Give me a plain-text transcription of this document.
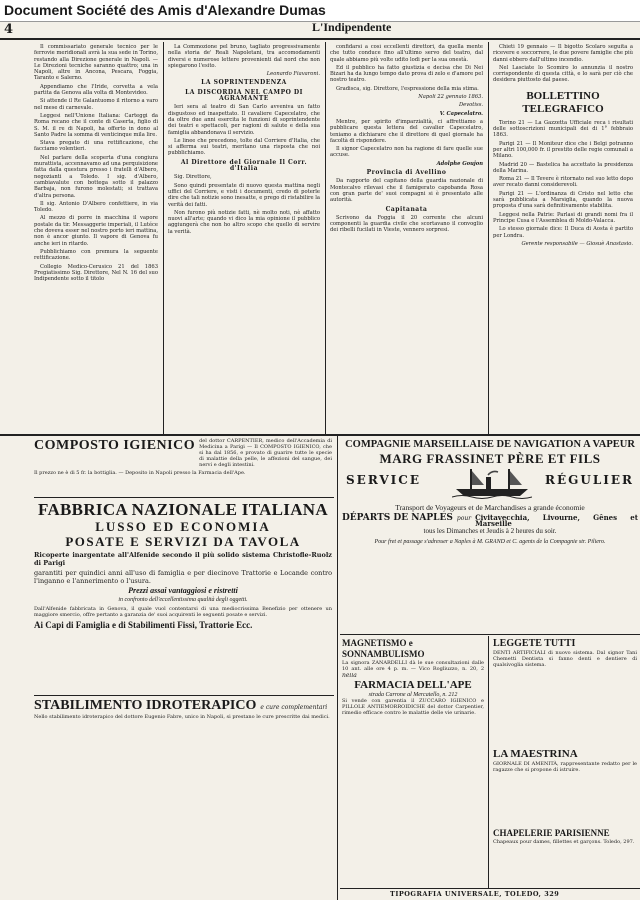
Document Société des Amis d'Alexandre Dumas
4	L'Indipendente

Il commissariato generale tecnico per le ferrovie meridionali avrà la sua sede in Torino, restando alla Direzione generale in Napoli. — Le Direzioni tecniche saranno quattro; una in Napoli, altre in Ancona, Pescara, Foggia, Taranto e Salerno.

Appendiamo che l'Iride, corvetta a vela partita da Genova alla volta di Montevideo.

Si attende il Re Galantuomo il ritorno a varo nel mese di carnevale.

Leggesi nell'Unione Italiana: Carteggi da Roma recano che il conte di Caserta, figlio di S. M. il re di Napoli, ha offerto in dono al Santo Padre la somma di venticinque mila lire.

Stava pregato di una rettificazione, che facciamo volentieri.

Nel parlare della scoperta d'una congiura murattista, accennavamo ad una perquisizione fatta dalla questura presso i fratelli d'Albero, negozianti a Toledo. I sig. d'Albero, cambiavalute con bottega sotto il palazzo Barbaja, non furono molestati; si trattava d'altra persona.

Il sig. Antonio D'Albero confettiere, in via Toledo.

Al mezzo di porre in macchina il vapore postale da tir. Messaggerie imperiali, il Lutéce che doveva esser nel nostro porto ieri mattina, non è ancor giunto. Il vapore di Genova fu anche ieri in ritardo.

Pubblichiamo con premura la seguente rettificazione.

Collegio Medico-Cerusico 21 del 1863 Pregiatissimo Sig. Direttore, Nel N. 16 del suo Indipendente sotto il titolo

La Commozione pel bruno, tagliato progressivamente nella storia de' Reali Napoletani, tra accomodamenti diversi e numerose lettere provenienti dal nord che non spiegarono l'esito.

Leonardo Fiavaroni.

LA SOPRINTENDENZA

LA DISCORDIA NEL CAMPO DI AGRAMANTE

Ieri sera al teatro di San Carlo avveniva un fatto disgustoso ed inaspettato. Il cavaliere Capecelatro, che da oltre due anni esercita le funzioni di soprintendente dei teatri e spettacoli, per ragioni di salute e della sua famiglia abbandonava il servizio.

Le linee che precedono, tolte dal Corriere d'Italia, che si afferma sui teatri, meritano una risposta che noi pubblichiamo.

Al Direttore del Giornale Il Corr. d'Italia

Sig. Direttore,

Sono quindi presentate di nuovo questa mattina negli uffici del Corriere, e visti i documenti, credo di poterle dire che tali notizie sono inesatte, e prego di ristabilire la verità dei fatti.

Non furono più notizie fatti, nè molto noti, nè affatto nuovi all'arte; quando vi dico la mia opinione il pubblico aggiungerà che non ho altro scopo che quello di servire la verità.

confidarsi a così eccellenti direttori, da quella mente che tutto conduce fino all'ultimo servo del teatro, dal quale abbiamo più volte udito lodi per la sua onestà.

Ed il pubblico ha fatto giustizia e decisa che Di Nei Bizari ha da lungo tempo dato prova di zelo e d'amore pel nostro teatro.

Gradisca, sig. Direttore, l'espressione della mia stima.

Napoli 22 gennaio 1863.

Devotiss.

V. Capecelatro.

Mentre, per spirito d'imparzialità, ci affrettiamo a pubblicare questa lettera del cavalier Capecelatro, teniamo a dichiarare che il direttore di quel giornale ha facoltà di rispondere.

Il signor Capecelatro non ha ragione di fare quelle sue accuse.

Adolphe Goujon

Provincia di Avellino

Da rapporto del capitano della guardia nazionale di Montecalvo rilevasi che il famigerato capobanda Rosa con gran parte de' suoi compagni si è presentato alle autorità.

Capitanata

Scrivono da Foggia il 20 corrente che alcuni componenti la guardia civile che scortavano il convoglio dei ribelli fucilati in Vieste, vennero sorpresi.

Chieti 19 gennaio — Il bigotto Scolaro seguita a ricevere e soccorrere, le due povere famiglie che più danni ebbero dall'ultimo incendio.

Nel Lasciate lo Scomiro lo annunzia il nostro corrispondente di questa città, e lo sarà per ciò che desidera piuttosto dal paese.

BOLLETTINO TELEGRAFICO

Torino 21 — La Gazzetta Ufficiale reca i risultati delle sottoscrizioni municipali dei di 1° febbraio 1863.

Parigi 21 — Il Moniteur dice che i Belgi potranno per altri 100,000 fr. il prestito delle regie comunali a Milano.

Madrid 20 — Bastelica ha accettato la presidenza della Marina.

Roma 21 — Il Tevere è ritornato nel suo letto dopo aver recato danni considerevoli.

Parigi 21 — L'ordinanza di Cristo nel letto che sarà pubblicata a Marsiglia, quando la nuova proposta d'una sarà definitivamente stabilita.

Leggesi nella Patrie: Parlasi di grandi nomi fra il Principe Cusa e l'Assemblea di Moldo-Valacca.

Lo stesso giornale dice: Il Duca di Aosta è partito per Londra.

Gerente responsabile — Giosuè Anastasio.

COMPOSTO IGIENICO del dottor CARPENTIER, medico dell'Accademia di Medicina a Parigi — Il COMPOSTO IGIENICO, che si ha dal 1856, e provato di guarire tutte le specie di malattie della pelle, le affezioni del sangue, dei nervi e degli intestini.

Il prezzo ne è di 5 fr. la bottiglia. — Deposito in Napoli presso la Farmacia dell'Ape.

FABBRICA NAZIONALE ITALIANA
LUSSO ED ECONOMIA
POSATE E SERVIZI DA TAVOLA

Ricoperte inargentate all'Alfenide secondo il più solido sistema Christofle-Ruolz di Parigi

garantiti per quindici anni all'uso di famiglia e per diecinove Trattorie e Locande contro l'inganno e l'annerimento o l'usura.

Prezzi assai vantaggiosi e ristretti
in confronto dell'eccellentissima qualità degli oggetti.

Dall'Alfenide fabbricata in Genova, il quale vuol contentarsi di una mediocrissima Benefizio per ottenere un maggiore smercio, offre pertanto a garanzia de' suoi acquirenti le seguenti posate e servizi.

Ai Capi di Famiglia e di Stabilimenti Fissi, Trattorie Ecc.
STABILIMENTO IDROTERAPICO e cure complementari

Nello stabilimento idroterapico del dottore Eugenio Fabre, unico in Napoli, si prestano le cure prescritte dai medici.

COMPAGNIE MARSEILLAISE DE NAVIGATION A VAPEUR
MARG FRASSINET PÈRE ET FILS
SERVICE	RÉGULIER
Transport de Voyageurs et de Marchandises a grande économie
DÉPARTS DE NAPLES pour Civitavecchia, Livourne, Gênes et Marseille
tous les Dimanches et Jeudis à 2 heures du soir.
Pour fret et passage s'adresser a Naples à M. GRAND et C. agents de la Compagnie str. Piliero.
MAGNETISMO e SONNAMBULISMO

La signora ZANARDELLI dà le sue consultazioni dalle 10 ant. alle ore 4 p. m. — Vico Rogliuzzo, n. 20, 2

nella
FARMACIA DELL'APE
strada Carrone al Mercatello, n. 212

Si vende con garentia il ZUCCARO IGIENICO e PILLOLE ANTIEMORROIDICHE del dottor Carpentier, rimedio efficace contro le malattie delle vie urinarie.

LEGGETE TUTTI

DENTI ARTIFICIALI di nuovo sistema. Dal signor Tani Chemetti Dentista si fanno denti e dentiere di qualsivoglia sistema.

LA MAESTRINA

GIORNALE DI AMENITÀ, rappresentante redatto per le ragazze che si propone di istruire.

CHAPELERIE PARISIENNE

Chapeaux pour dames, fillettes et garçons. Toledo, 297.

TIPOGRAFIA UNIVERSALE, TOLEDO, 329
